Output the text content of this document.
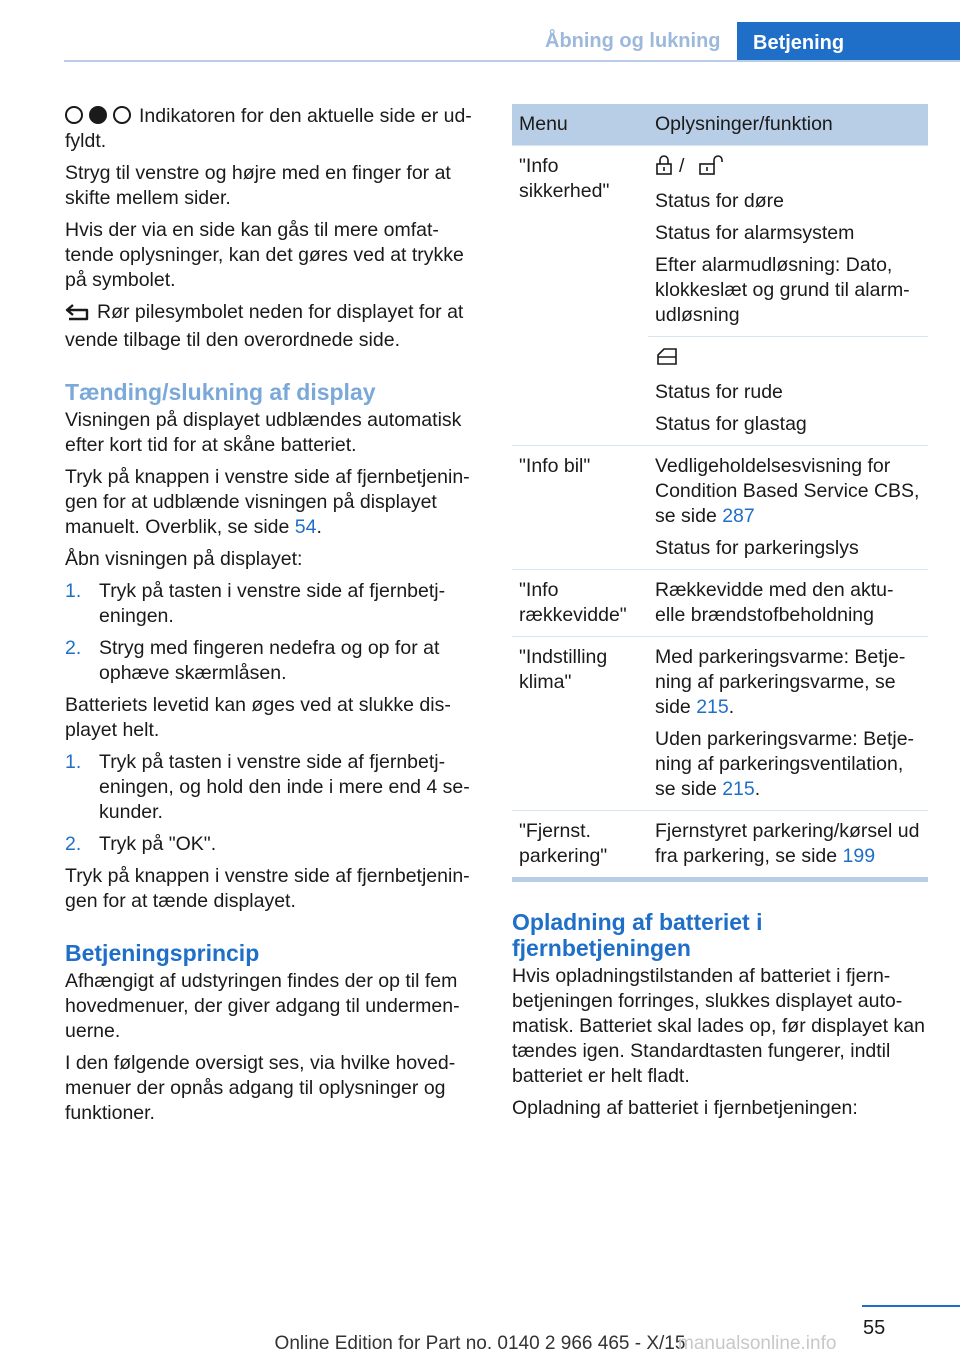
Åbning og lukning	Betjening

Indikatoren for den aktuelle side er ud-fyldt.

Stryg til venstre og højre med en finger for at skifte mellem sider.

Hvis der via en side kan gås til mere omfat-tende oplysninger, kan det gøres ved at trykke på symbolet.

Rør pilesymbolet neden for displayet for at vende tilbage til den overordnede side.

Tænding/slukning af display

Visningen på displayet udblændes automatisk efter kort tid for at skåne batteriet.

Tryk på knappen i venstre side af fjernbetjenin-gen for at udblænde visningen på displayet manuelt. Overblik, se side 54.

Åbn visningen på displayet:

1. Tryk på tasten i venstre side af fjernbetj-eningen.
2. Stryg med fingeren nedefra og op for at ophæve skærmlåsen.

Batteriets levetid kan øges ved at slukke dis-playet helt.

1. Tryk på tasten i venstre side af fjernbetj-eningen, og hold den inde i mere end 4 se-kunder.
2. Tryk på "OK".

Tryk på knappen i venstre side af fjernbetjenin-gen for at tænde displayet.

Betjeningsprincip

Afhængigt af udstyringen findes der op til fem hovedmenuer, der giver adgang til undermen-uerne.

I den følgende oversigt ses, via hvilke hoved-menuer der opnås adgang til oplysninger og funktioner.

Menu	Oplysninger/funktion
"Info sikkerhed"	/

Status for døre

Status for alarmsystem

Efter alarmudløsning: Dato, klokkeslæt og grund til alarm-udløsning

	Status for rude

Status for glastag

"Info bil"	Vedligeholdelsesvisning for Condition Based Service CBS, se side 287

Status for parkeringslys

"Info rækkevidde"	Rækkevidde med den aktu-elle brændstofbeholdning

"Indstilling klima"	Med parkeringsvarme: Betje-ning af parkeringsvarme, se side 215.

Uden parkeringsvarme: Betje-ning af parkeringsventilation, se side 215.

"Fjernst. parkering"	Fjernstyret parkering/kørsel ud fra parkering, se side 199

Opladning af batteriet i fjernbetjeningen

Hvis opladningstilstanden af batteriet i fjern-betjeningen forringes, slukkes displayet auto-matisk. Batteriet skal lades op, før displayet kan tændes igen. Standardtasten fungerer, indtil batteriet er helt fladt.

Opladning af batteriet i fjernbetjeningen:

55
Online Edition for Part no. 0140 2 966 465 - X/15
manualsonline.info
